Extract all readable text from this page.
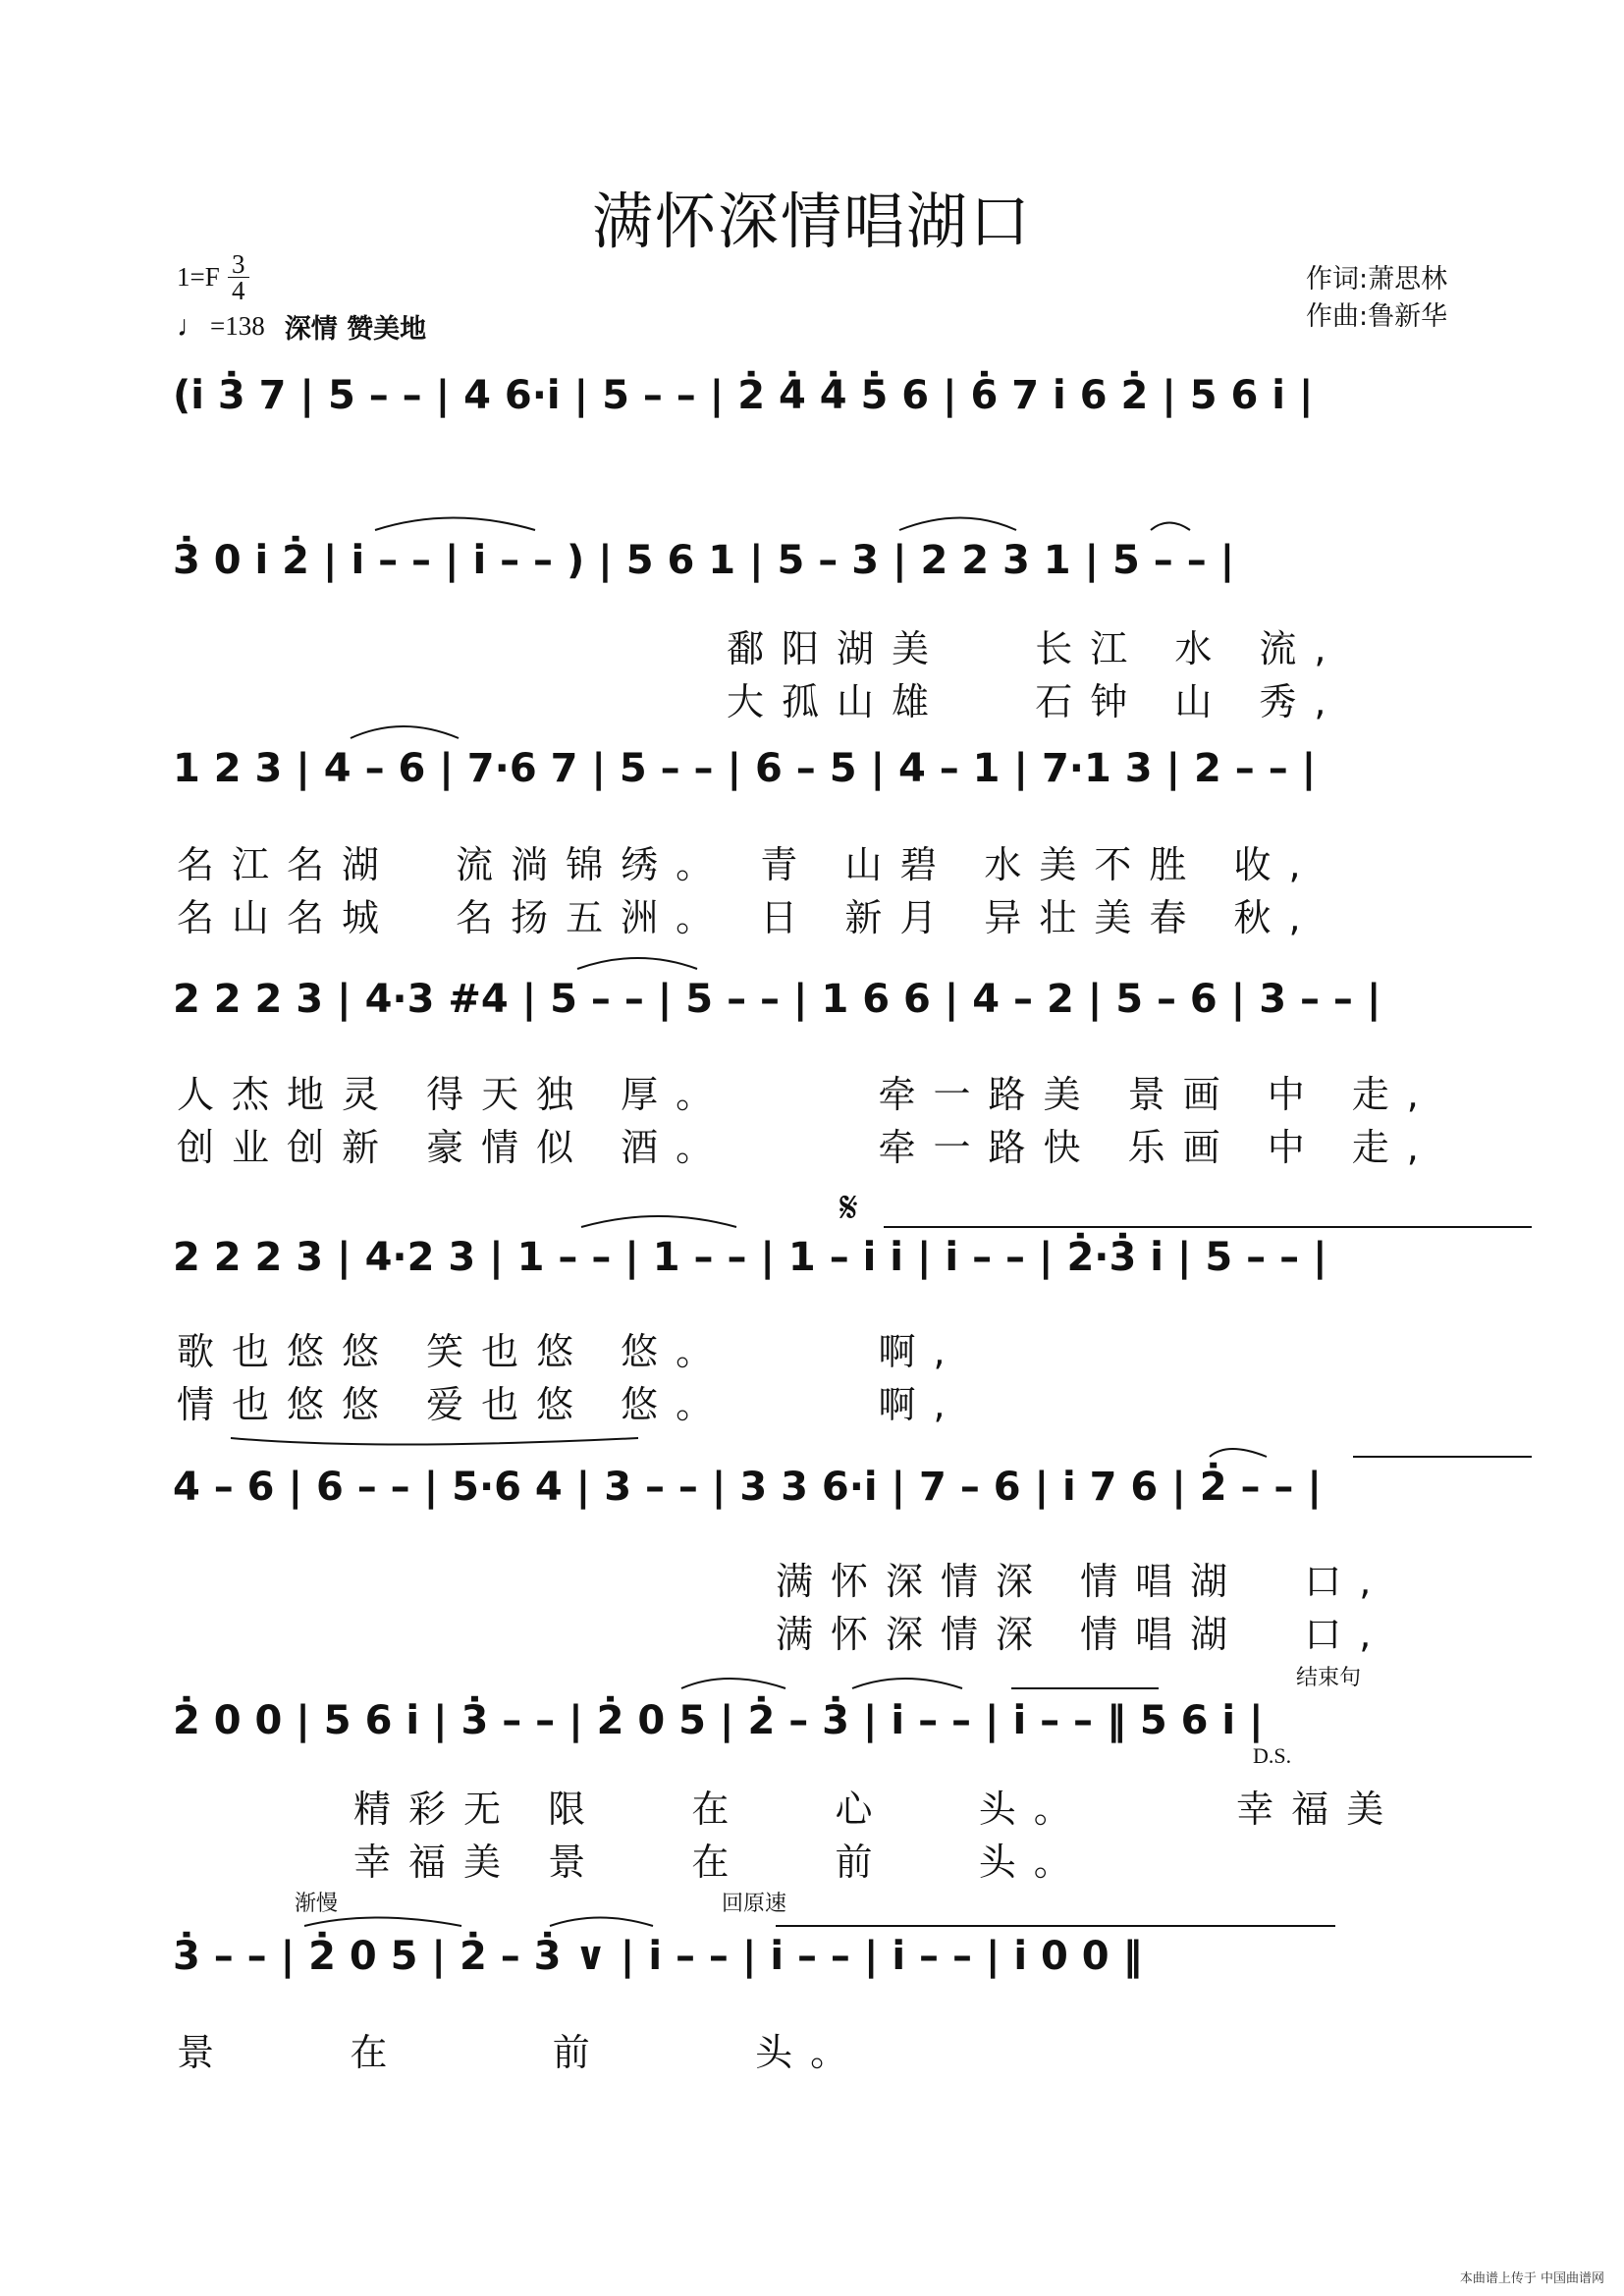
满怀深情唱湖口
1=F 3
4
♩ =138 深情 赞美地
作词:萧思林
作曲:鲁新华
(i̇ 3̇ 7 | 5 – – | 4 6·i̇ | 5 – – | 2̇ 4̇ 4̇ 5̇ 6 | 6̇ 7 i̇ 6 2̇ | 5 6 i̇ |
3̇ 0 i̇ 2̇ | i̇ – – | i̇ – – ) | 5 6 1 | 5 – 3 | 2 2 3 1 | 5 – – |
1 2 3 | 4 – 6 | 7·6 7 | 5 – – | 6 – 5 | 4 – 1 | 7·1 3 | 2 – – |
2 2 2 3 | 4·3 #4 | 5 – – | 5 – – | 1 6 6 | 4 – 2 | 5 – 6 | 3 – – |
2 2 2 3 | 4·2 3 | 1 – – | 1 – – | 1 – i̇ i̇ | i̇ – – | 2̇·3̇ i̇ | 5 – – |
4 – 6 | 6 – – | 5·6 4 | 3 – – | 3 3 6·i̇ | 7 – 6 | i̇ 7 6 | 2̇ – – |
2̇ 0 0 | 5 6 i̇ | 3̇ – – | 2̇ 0 5 | 2̇ – 3̇ | i̇ – – | i̇ – – ‖ 5 6 i̇ |
3̇ – – | 2̇ 0 5 | 2̇ – 3̇ ∨ | i̇ – – | i̇ – – | i̇ – – | i̇ 0 0 ‖
鄱阳湖美   长江 水 流,
大孤山雄   石钟 山 秀,
名江名湖  流淌锦绣。 青 山碧 水美不胜 收,
名山名城  名扬五洲。 日 新月 异壮美春 秋,
人杰地灵 得天独 厚。     牵一路美 景画 中 走,
创业创新 豪情似 酒。     牵一路快 乐画 中 走,
歌也悠悠 笑也悠 悠。     啊,
情也悠悠 爱也悠 悠。     啊,
满怀深情深 情唱湖  口,
满怀深情深 情唱湖  口,
精彩无 限   在   心   头。     幸福美
幸福美 景   在   前   头。
景    在     前     头。
𝄋
结束句
D.S.
渐慢	回原速
本曲谱上传于 中国曲谱网
